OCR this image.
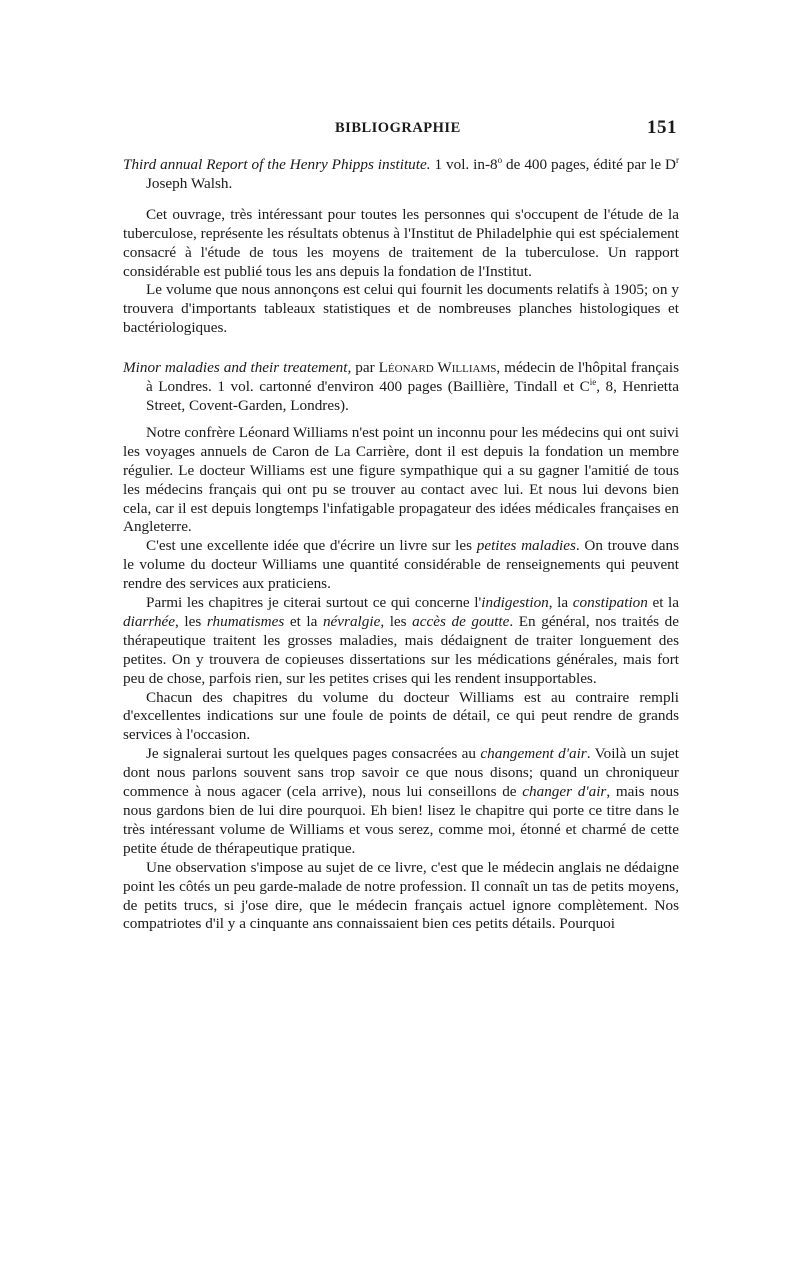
BIBLIOGRAPHIE	151

Third annual Report of the Henry Phipps institute. 1 vol. in-8$^o$ de 400 pages, édité par le $D^r$ Joseph Walsh.

Cet ouvrage, très intéressant pour toutes les personnes qui s'occupent de l'étude de la tuberculose, représente les résultats obtenus à l'Institut de Philadelphie qui est spécialement consacré à l'étude de tous les moyens de traitement de la tuberculose. Un rapport considérable est publié tous les ans depuis la fondation de l'Institut.

Le volume que nous annonçons est celui qui fournit les documents relatifs à 1905; on y trouvera d'importants tableaux statistiques et de nombreuses planches histologiques et bactériologiques.

Minor maladies and their treatement, par Léonard Williams, médecin de l'hôpital français à Londres. 1 vol. cartonné d'environ 400 pages (Baillière, Tindall et $C^{ie}$, 8, Henrietta Street, Covent-Garden, Londres).

Notre confrère Léonard Williams n'est point un inconnu pour les médecins qui ont suivi les voyages annuels de Caron de La Carrière, dont il est depuis la fondation un membre régulier. Le docteur Williams est une figure sympathique qui a su gagner l'amitié de tous les médecins français qui ont pu se trouver au contact avec lui. Et nous lui devons bien cela, car il est depuis longtemps l'infatigable propagateur des idées médicales françaises en Angleterre.

C'est une excellente idée que d'écrire un livre sur les petites maladies. On trouve dans le volume du docteur Williams une quantité considérable de renseignements qui peuvent rendre des services aux praticiens.

Parmi les chapitres je citerai surtout ce qui concerne l'indigestion, la constipation et la diarrhée, les rhumatismes et la névralgie, les accès de goutte. En général, nos traités de thérapeutique traitent les grosses maladies, mais dédaignent de traiter longuement des petites. On y trouvera de copieuses dissertations sur les médications générales, mais fort peu de chose, parfois rien, sur les petites crises qui les rendent insupportables.

Chacun des chapitres du volume du docteur Williams est au contraire rempli d'excellentes indications sur une foule de points de détail, ce qui peut rendre de grands services à l'occasion.

Je signalerai surtout les quelques pages consacrées au changement d'air. Voilà un sujet dont nous parlons souvent sans trop savoir ce que nous disons; quand un chroniqueur commence à nous agacer (cela arrive), nous lui conseillons de changer d'air, mais nous nous gardons bien de lui dire pourquoi. Eh bien! lisez le chapitre qui porte ce titre dans le très intéressant volume de Williams et vous serez, comme moi, étonné et charmé de cette petite étude de thérapeutique pratique.

Une observation s'impose au sujet de ce livre, c'est que le médecin anglais ne dédaigne point les côtés un peu garde-malade de notre profession. Il connaît un tas de petits moyens, de petits trucs, si j'ose dire, que le médecin français actuel ignore complètement. Nos compatriotes d'il y a cinquante ans connaissaient bien ces petits détails. Pourquoi
